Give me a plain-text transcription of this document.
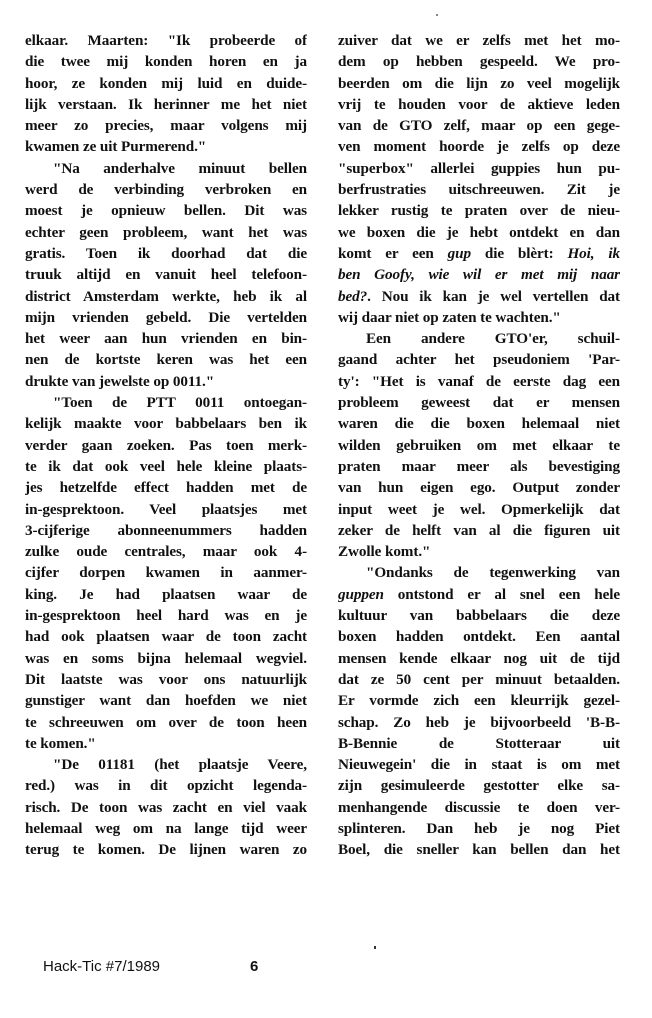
elkaar. Maarten: "Ik probeerde of
die twee mij konden horen en ja
hoor, ze konden mij luid en duide-
lijk verstaan. Ik herinner me het niet
meer zo precies, maar volgens mij
kwamen ze uit Purmerend."
"Na anderhalve minuut bellen
werd de verbinding verbroken en
moest je opnieuw bellen. Dit was
echter geen probleem, want het was
gratis. Toen ik doorhad dat die
truuk altijd en vanuit heel telefoon-
district Amsterdam werkte, heb ik al
mijn vrienden gebeld. Die vertelden
het weer aan hun vrienden en bin-
nen de kortste keren was het een
drukte van jewelste op 0011."
"Toen de PTT 0011 ontoegan-
kelijk maakte voor babbelaars ben ik
verder gaan zoeken. Pas toen merk-
te ik dat ook veel hele kleine plaats-
jes hetzelfde effect hadden met de
in-gesprektoon. Veel plaatsjes met
3-cijferige abonneenummers hadden
zulke oude centrales, maar ook 4-
cijfer dorpen kwamen in aanmer-
king. Je had plaatsen waar de
in-gesprektoon heel hard was en je
had ook plaatsen waar de toon zacht
was en soms bijna helemaal wegviel.
Dit laatste was voor ons natuurlijk
gunstiger want dan hoefden we niet
te schreeuwen om over de toon heen
te komen."
"De 01181 (het plaatsje Veere,
red.) was in dit opzicht legenda-
risch. De toon was zacht en viel vaak
helemaal weg om na lange tijd weer
terug te komen. De lijnen waren zo
zuiver dat we er zelfs met het mo-
dem op hebben gespeeld. We pro-
beerden om die lijn zo veel mogelijk
vrij te houden voor de aktieve leden
van de GTO zelf, maar op een gege-
ven moment hoorde je zelfs op deze
"superbox" allerlei guppies hun pu-
berfrustraties uitschreeuwen. Zit je
lekker rustig te praten over de nieu-
we boxen die je hebt ontdekt en dan
komt er een gup die blèrt: Hoi, ik
ben Goofy, wie wil er met mij naar
bed?. Nou ik kan je wel vertellen dat
wij daar niet op zaten te wachten."
Een andere GTO'er, schuil-
gaand achter het pseudoniem 'Par-
ty': "Het is vanaf de eerste dag een
probleem geweest dat er mensen
waren die die boxen helemaal niet
wilden gebruiken om met elkaar te
praten maar meer als bevestiging
van hun eigen ego. Output zonder
input weet je wel. Opmerkelijk dat
zeker de helft van al die figuren uit
Zwolle komt."
"Ondanks de tegenwerking van
guppen ontstond er al snel een hele
kultuur van babbelaars die deze
boxen hadden ontdekt. Een aantal
mensen kende elkaar nog uit de tijd
dat ze 50 cent per minuut betaalden.
Er vormde zich een kleurrijk gezel-
schap. Zo heb je bijvoorbeeld 'B-B-
B-Bennie de Stotteraar uit
Nieuwegein' die in staat is om met
zijn gesimuleerde gestotter elke sa-
menhangende discussie te doen ver-
splinteren. Dan heb je nog Piet
Boel, die sneller kan bellen dan het
Hack-Tic #7/1989	6
